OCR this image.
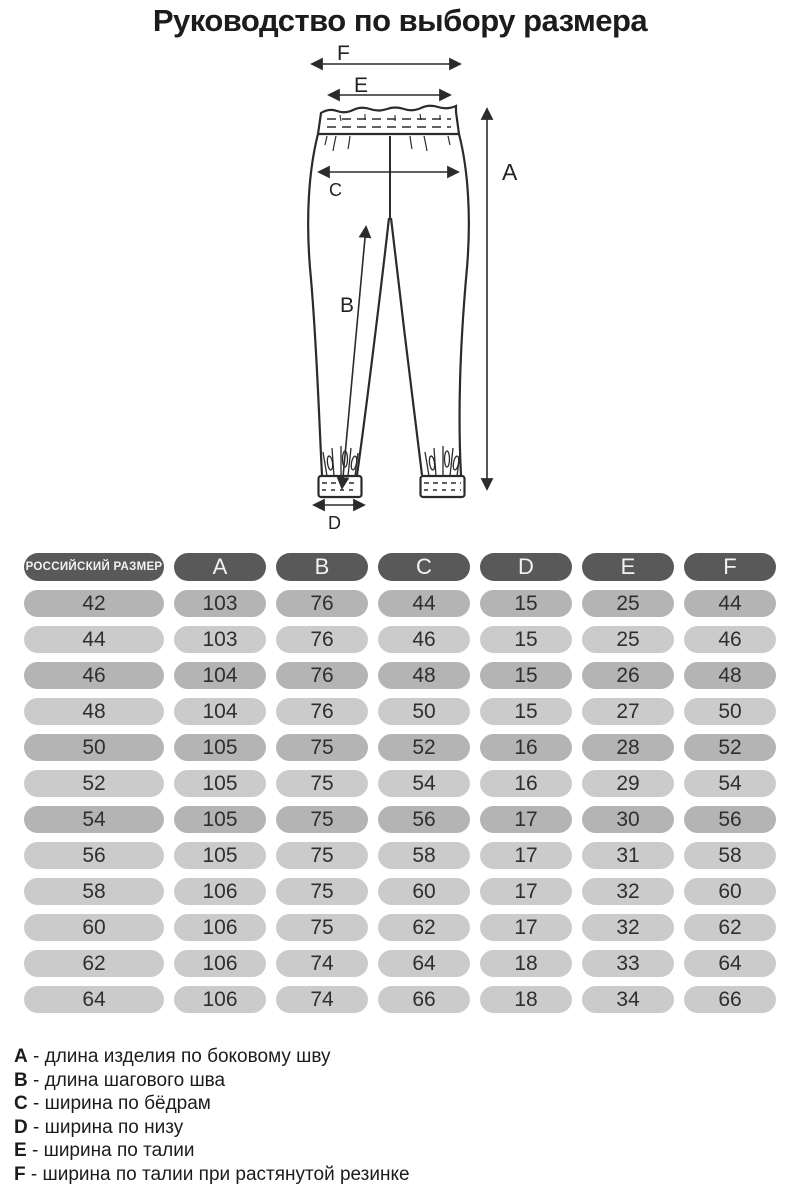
Руководство по выбору размера
F
E
C
A
B
D
РОССИЙСКИЙ РАЗМЕР	A	B	C	D	E	F
42	103	76	44	15	25	44
44	103	76	46	15	25	46
46	104	76	48	15	26	48
48	104	76	50	15	27	50
50	105	75	52	16	28	52
52	105	75	54	16	29	54
54	105	75	56	17	30	56
56	105	75	58	17	31	58
58	106	75	60	17	32	60
60	106	75	62	17	32	62
62	106	74	64	18	33	64
64	106	74	66	18	34	66
A - длина изделия по боковому шву
B - длина шагового шва
C - ширина по бёдрам
D - ширина по низу
E - ширина по талии
F - ширина по талии при растянутой резинке
